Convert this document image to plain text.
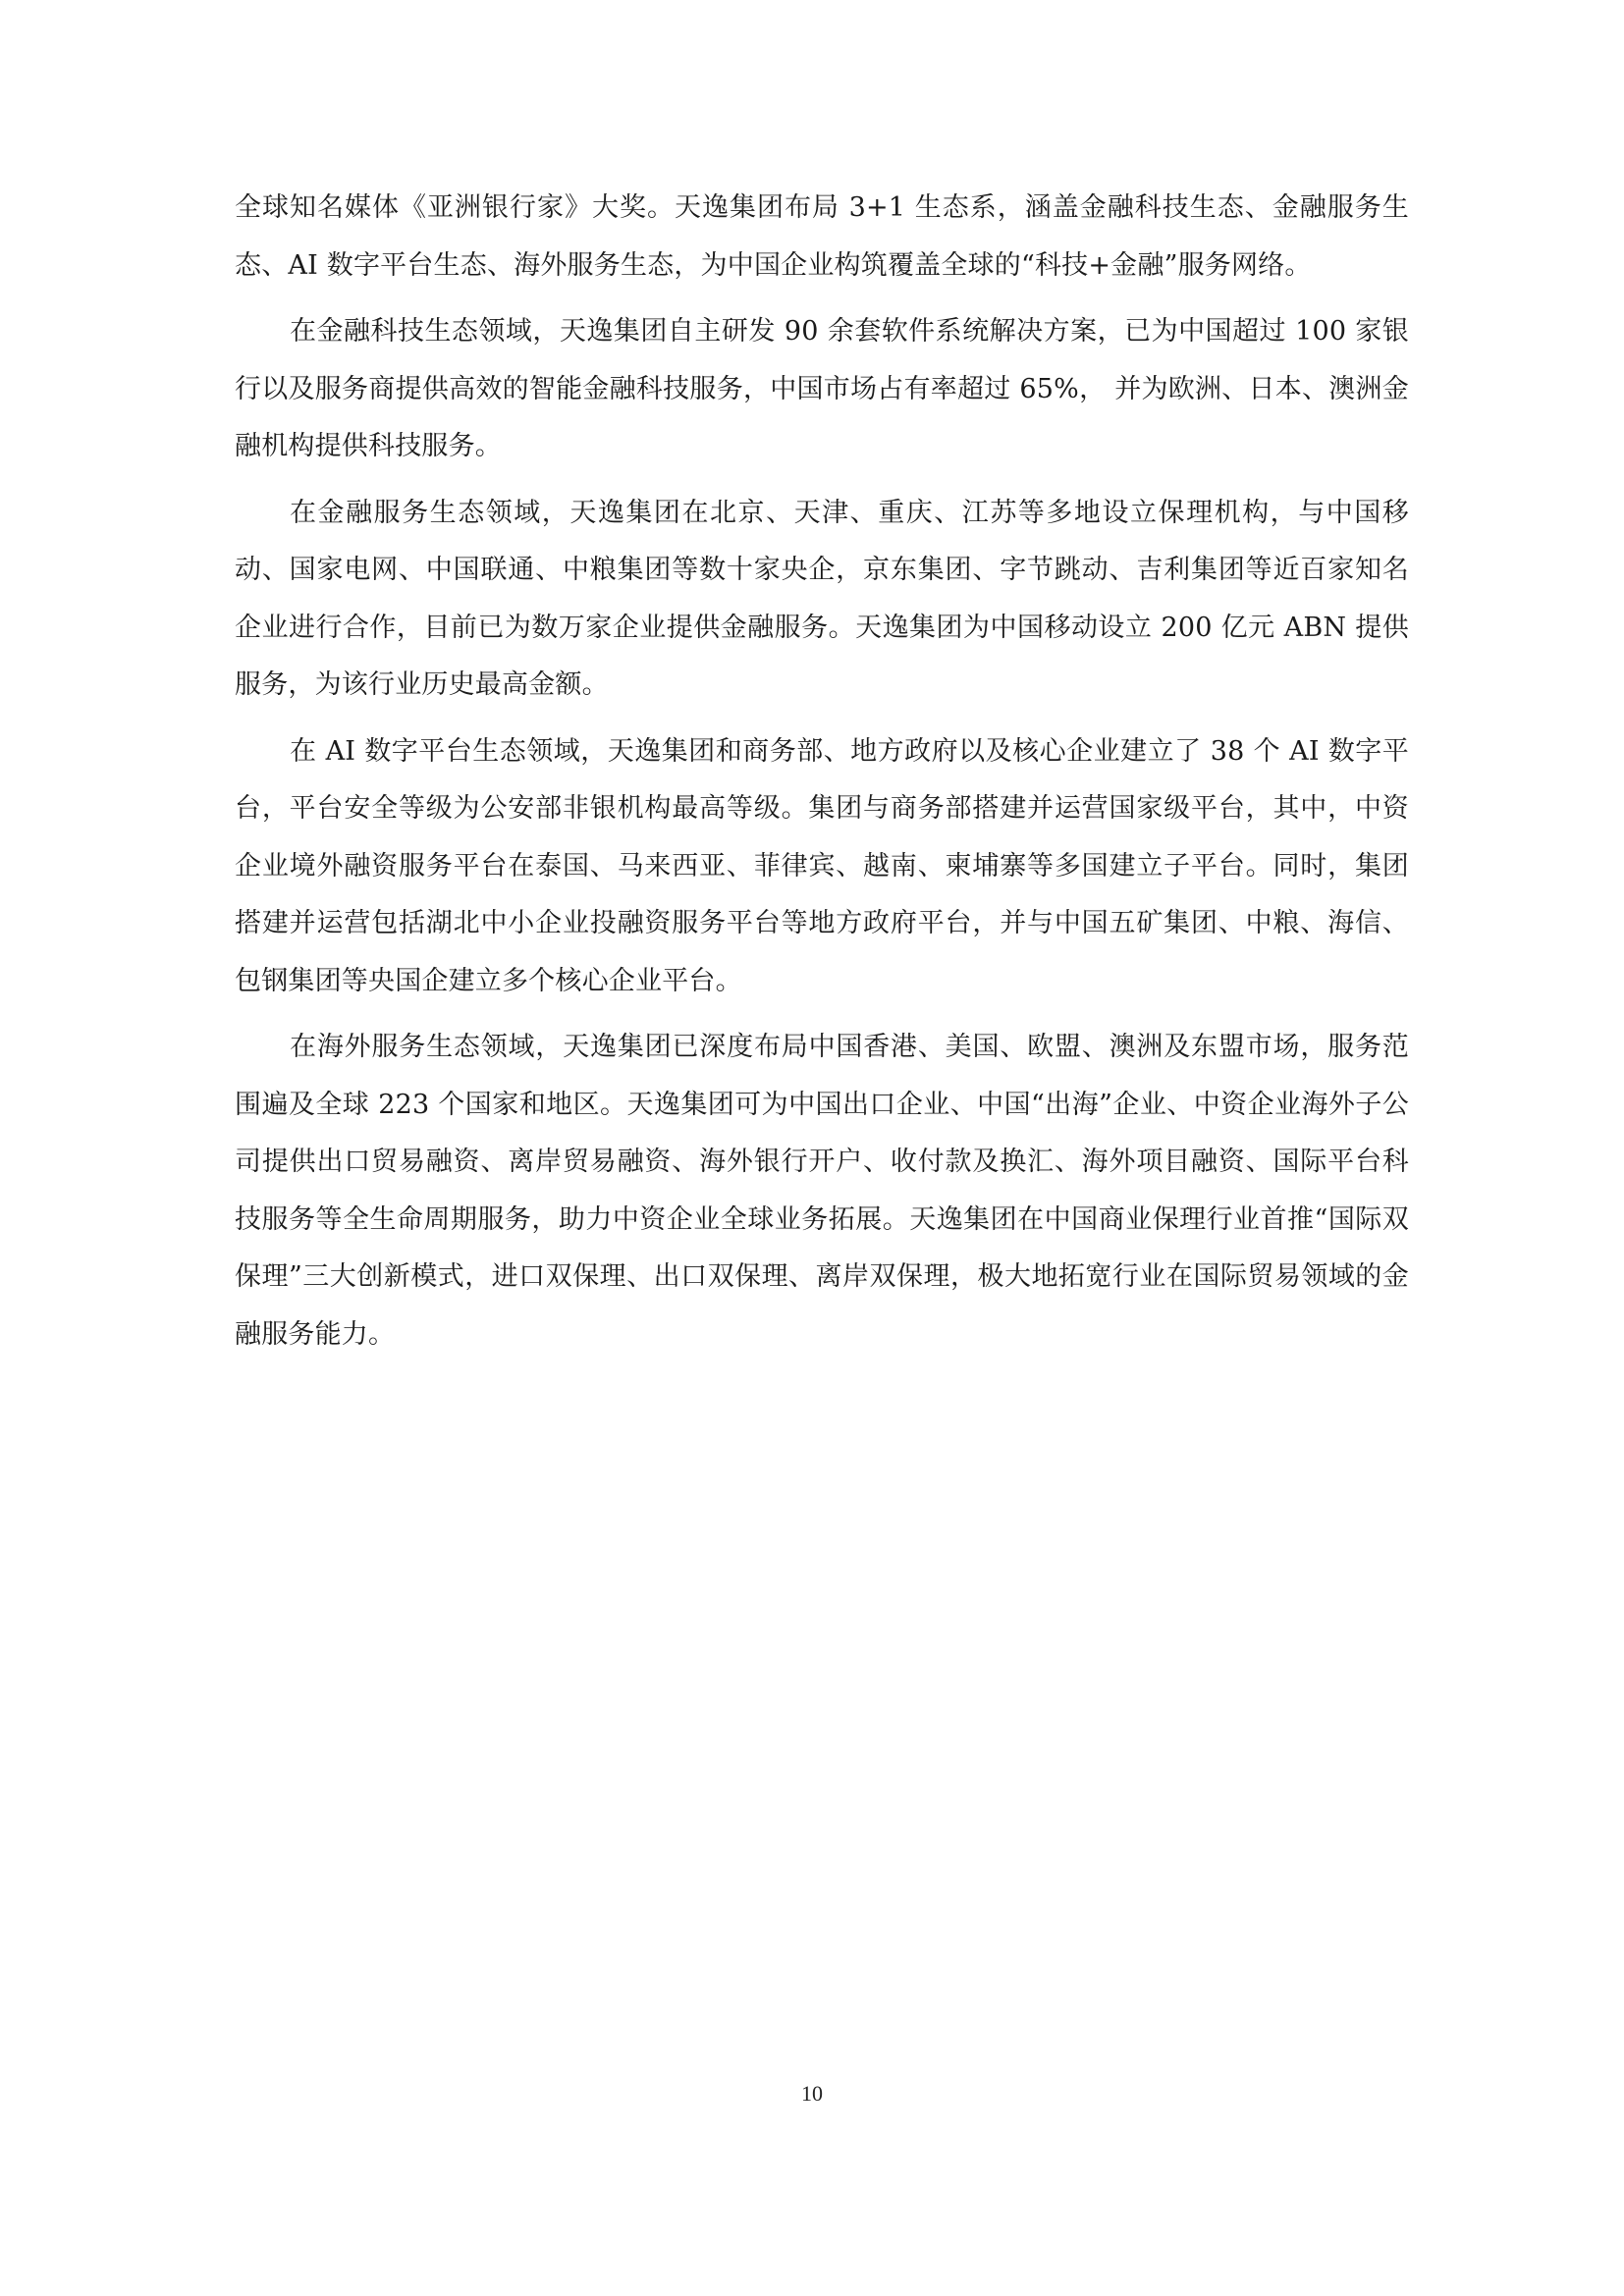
全球知名媒体《亚洲银行家》大奖。天逸集团布局 3+1 生态系，涵盖金融科技生态、金融服务生态、AI 数字平台生态、海外服务生态，为中国企业构筑覆盖全球的“科技+金融”服务网络。

在金融科技生态领域，天逸集团自主研发 90 余套软件系统解决方案，已为中国超过 100 家银行以及服务商提供高效的智能金融科技服务，中国市场占有率超过 65%， 并为欧洲、日本、澳洲金融机构提供科技服务。

在金融服务生态领域，天逸集团在北京、天津、重庆、江苏等多地设立保理机构，与中国移动、国家电网、中国联通、中粮集团等数十家央企，京东集团、字节跳动、吉利集团等近百家知名企业进行合作，目前已为数万家企业提供金融服务。天逸集团为中国移动设立 200 亿元 ABN 提供服务，为该行业历史最高金额。

在 AI 数字平台生态领域，天逸集团和商务部、地方政府以及核心企业建立了 38 个 AI 数字平台，平台安全等级为公安部非银机构最高等级。集团与商务部搭建并运营国家级平台，其中，中资企业境外融资服务平台在泰国、马来西亚、菲律宾、越南、柬埔寨等多国建立子平台。同时，集团搭建并运营包括湖北中小企业投融资服务平台等地方政府平台，并与中国五矿集团、中粮、海信、包钢集团等央国企建立多个核心企业平台。

在海外服务生态领域，天逸集团已深度布局中国香港、美国、欧盟、澳洲及东盟市场，服务范围遍及全球 223 个国家和地区。天逸集团可为中国出口企业、中国“出海”企业、中资企业海外子公司提供出口贸易融资、离岸贸易融资、海外银行开户、收付款及换汇、海外项目融资、国际平台科技服务等全生命周期服务，助力中资企业全球业务拓展。天逸集团在中国商业保理行业首推“国际双保理”三大创新模式，进口双保理、出口双保理、离岸双保理，极大地拓宽行业在国际贸易领域的金融服务能力。

10
